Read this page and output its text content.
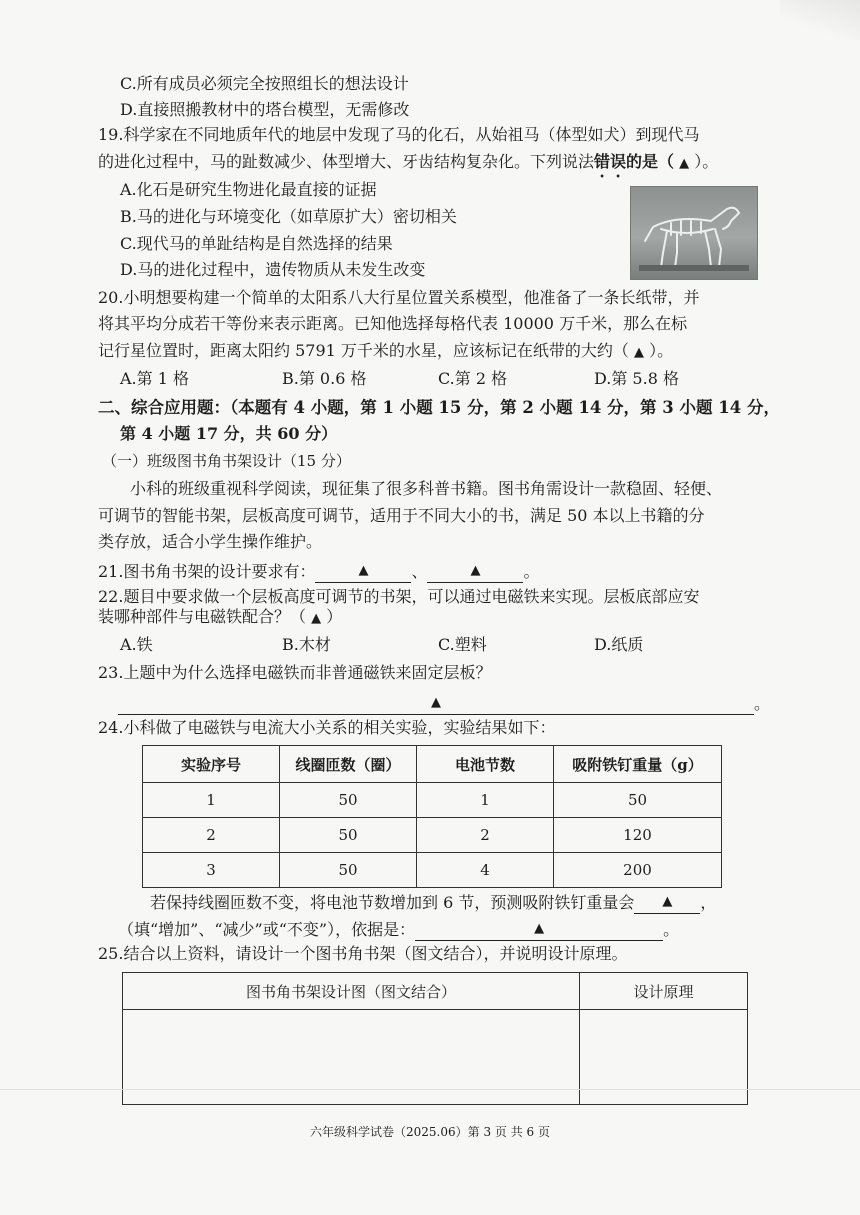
C.所有成员必须完全按照组长的想法设计
D.直接照搬教材中的塔台模型，无需修改
19.科学家在不同地质年代的地层中发现了马的化石，从始祖马（体型如犬）到现代马
的进化过程中，马的趾数减少、体型增大、牙齿结构复杂化。下列说法错误的是（ ▲ ）。
A.化石是研究生物进化最直接的证据
B.马的进化与环境变化（如草原扩大）密切相关
C.现代马的单趾结构是自然选择的结果
D.马的进化过程中，遗传物质从未发生改变
20.小明想要构建一个简单的太阳系八大行星位置关系模型，他准备了一条长纸带，并
将其平均分成若干等份来表示距离。已知他选择每格代表 10000 万千米，那么在标
记行星位置时，距离太阳约 5791 万千米的水星，应该标记在纸带的大约（ ▲ ）。
A.第 1 格	B.第 0.6 格	C.第 2 格	D.第 5.8 格
二、综合应用题：（本题有 4 小题，第 1 小题 15 分，第 2 小题 14 分，第 3 小题 14 分，
第 4 小题 17 分，共 60 分）
（一）班级图书角书架设计（15 分）
小科的班级重视科学阅读，现征集了很多科普书籍。图书角需设计一款稳固、轻便、
可调节的智能书架，层板高度可调节，适用于不同大小的书，满足 50 本以上书籍的分
类存放，适合小学生操作维护。
21.图书角书架的设计要求有：	▲	、	▲	。
22.题目中要求做一个层板高度可调节的书架，可以通过电磁铁来实现。层板底部应安
装哪种部件与电磁铁配合？（ ▲ ）
A.铁	B.木材	C.塑料	D.纸质
23.上题中为什么选择电磁铁而非普通磁铁来固定层板？
▲	。
24.小科做了电磁铁与电流大小关系的相关实验，实验结果如下：
实验序号	线圈匝数（圈）	电池节数	吸附铁钉重量（g）
1	50	1	50
2	50	2	120
3	50	4	200
若保持线圈匝数不变，将电池节数增加到 6 节，预测吸附铁钉重量会 ▲ ，
（填“增加”、“减少”或“不变”），依据是：	▲	。
25.结合以上资料，请设计一个图书角书架（图文结合），并说明设计原理。
图书角书架设计图（图文结合）	设计原理

六年级科学试卷（2025.06）第 3 页 共 6 页
